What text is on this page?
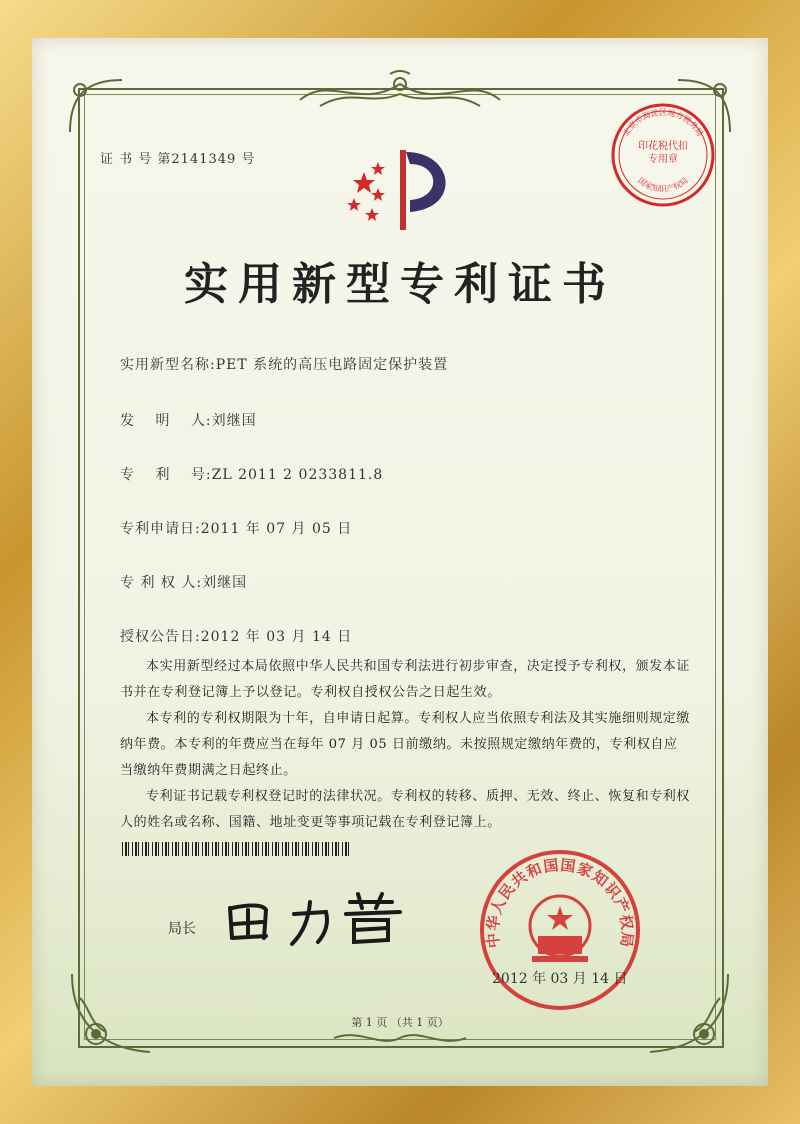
证 书 号 第2141349 号
北京市海淀区地方税务局
印花税代扣专用章
国家知识产权局
实用新型专利证书
实用新型名称:PET 系统的高压电路固定保护装置
发　 明　 人:刘继国
专　 利　 号:ZL 2011 2 0233811.8
专利申请日:2011 年 07 月 05 日
专 利 权 人:刘继国
授权公告日:2012 年 03 月 14 日

本实用新型经过本局依照中华人民共和国专利法进行初步审查，决定授予专利权，颁发本证书并在专利登记簿上予以登记。专利权自授权公告之日起生效。

本专利的专利权期限为十年，自申请日起算。专利权人应当依照专利法及其实施细则规定缴纳年费。本专利的年费应当在每年 07 月 05 日前缴纳。未按照规定缴纳年费的，专利权自应当缴纳年费期满之日起终止。

专利证书记载专利权登记时的法律状况。专利权的转移、质押、无效、终止、恢复和专利权人的姓名或名称、国籍、地址变更等事项记载在专利登记簿上。

局长
中华人民共和国国家知识产权局
2012 年 03 月 14 日
第 1 页 （共 1 页）
